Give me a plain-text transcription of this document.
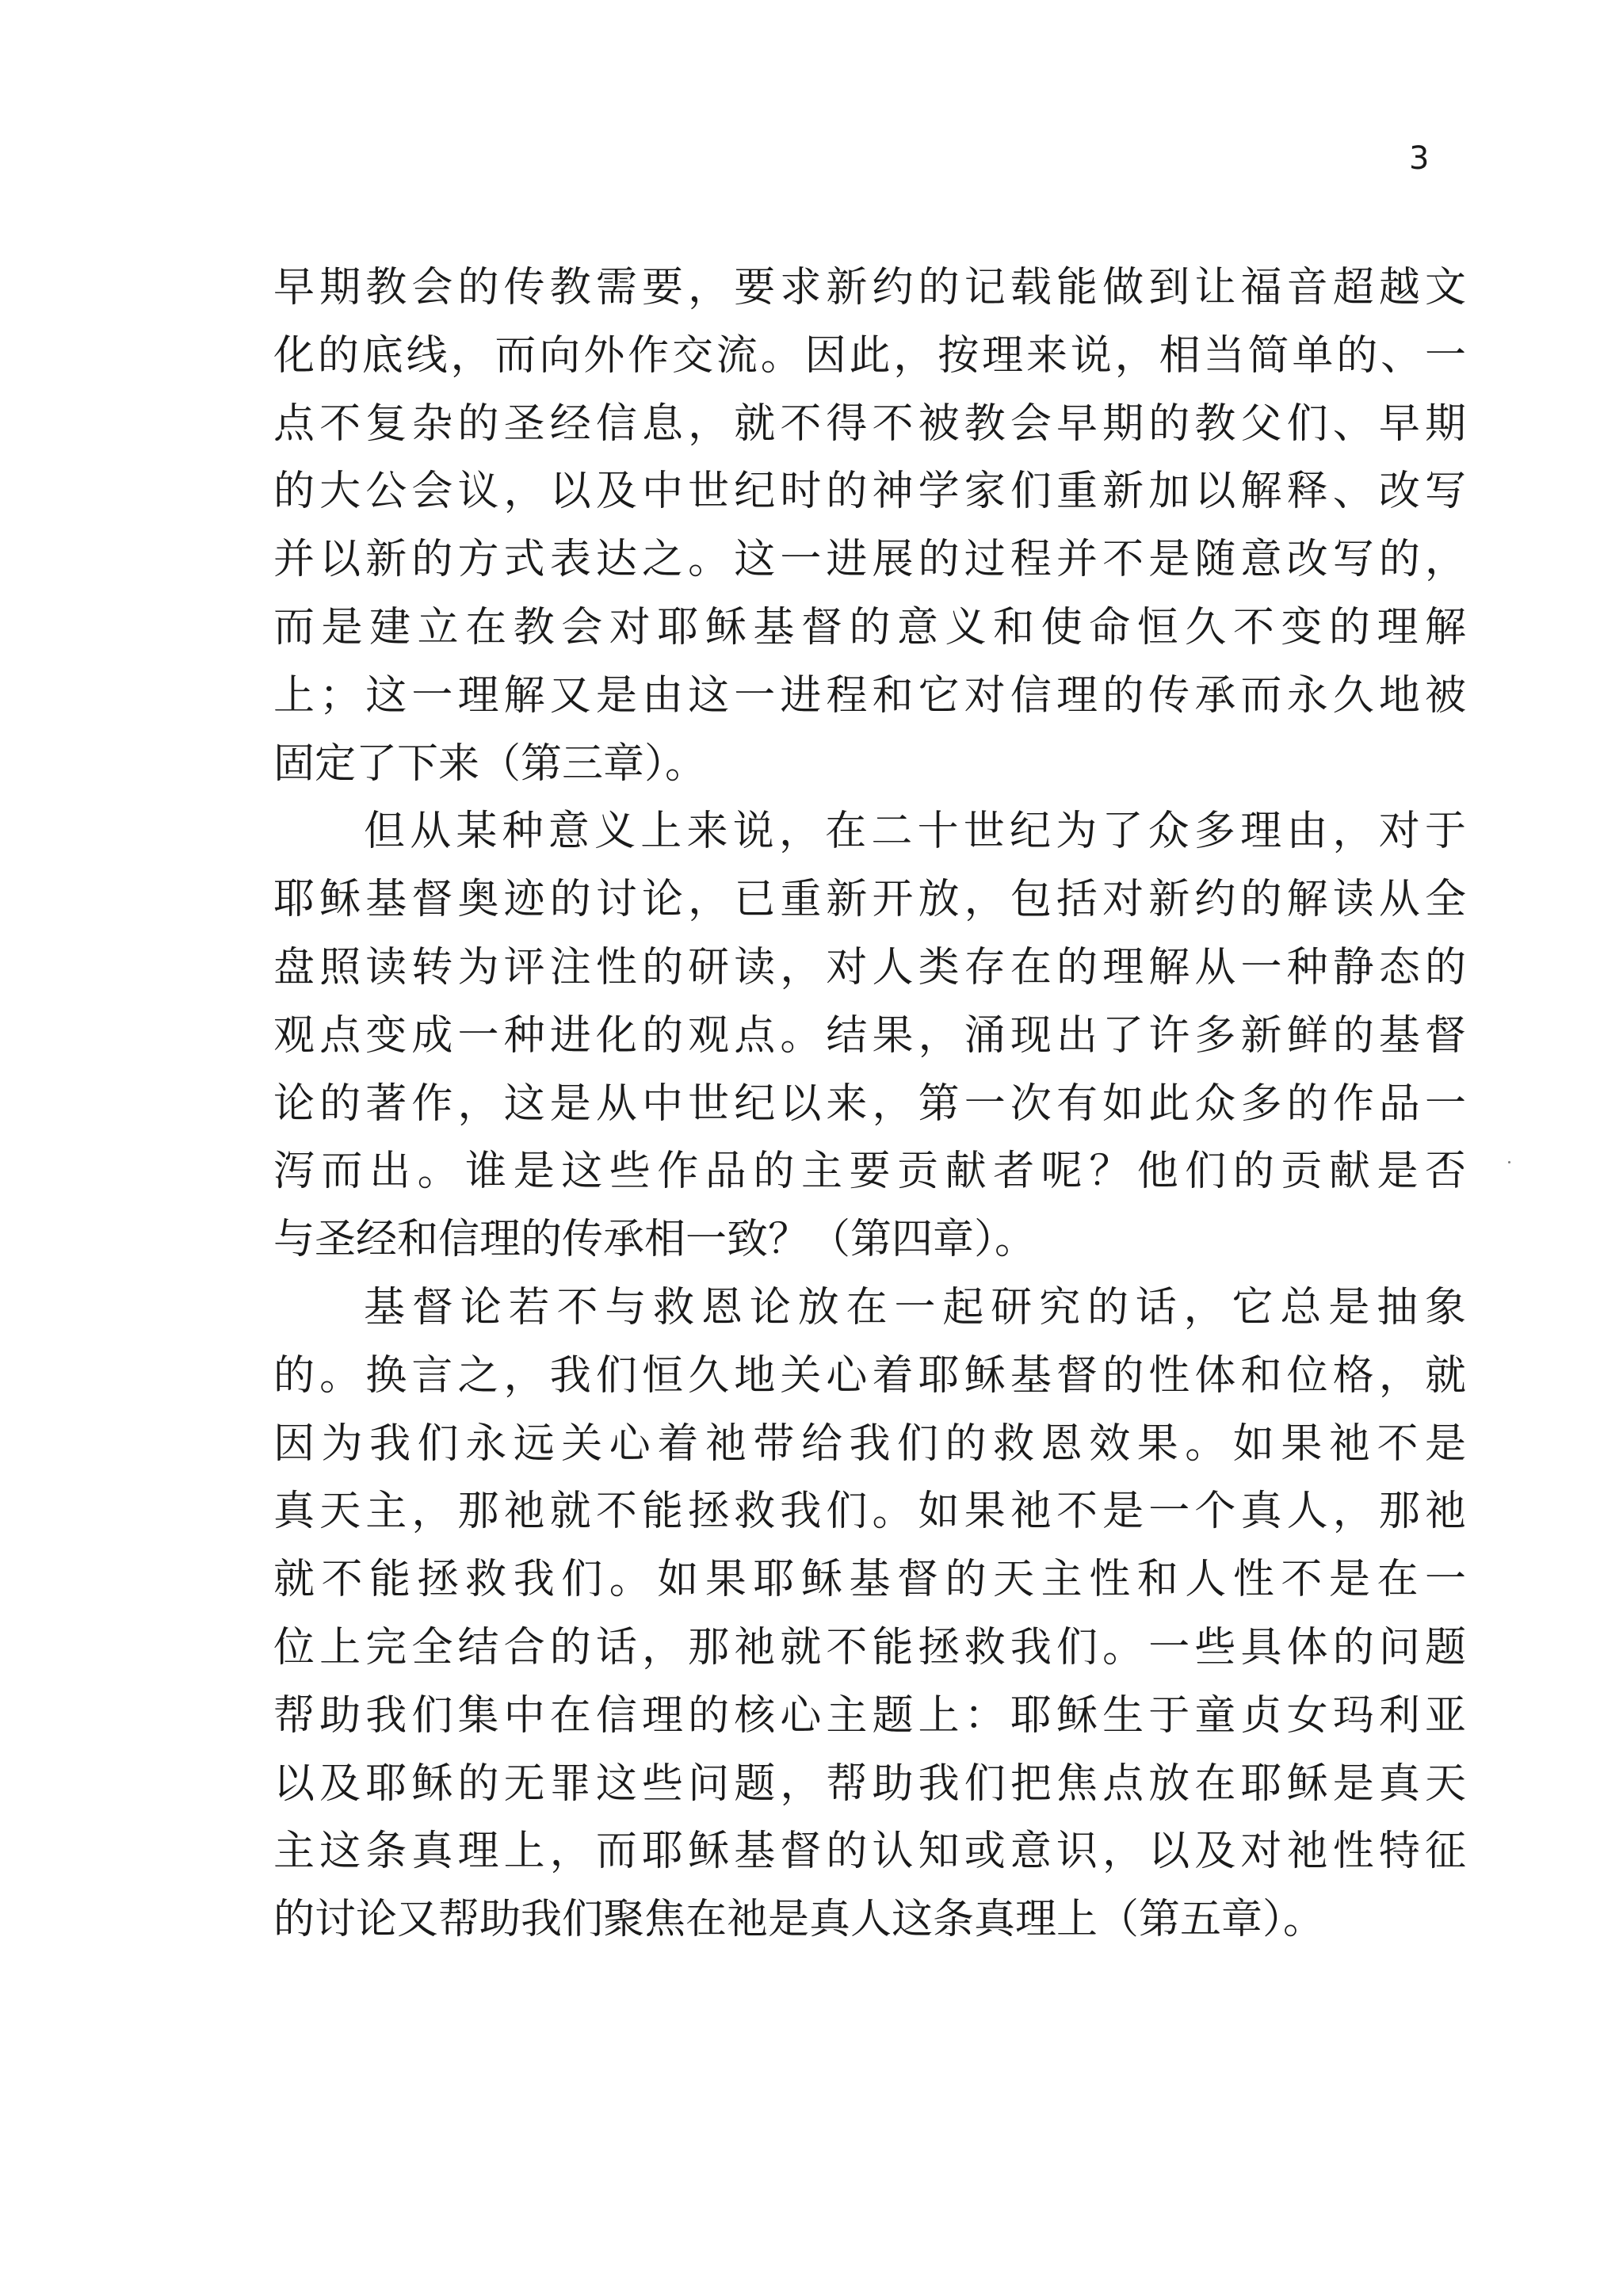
3
早期教会的传教需要，要求新约的记载能做到让福音超越文
化的底线，而向外作交流。因此，按理来说，相当简单的、一
点不复杂的圣经信息，就不得不被教会早期的教父们、早期
的大公会议，以及中世纪时的神学家们重新加以解释、改写
并以新的方式表达之。这一进展的过程并不是随意改写的，
而是建立在教会对耶稣基督的意义和使命恒久不变的理解
上；这一理解又是由这一进程和它对信理的传承而永久地被
固定了下来（第三章）。
但从某种意义上来说，在二十世纪为了众多理由，对于
耶稣基督奥迹的讨论，已重新开放，包括对新约的解读从全
盘照读转为评注性的研读，对人类存在的理解从一种静态的
观点变成一种进化的观点。结果，涌现出了许多新鲜的基督
论的著作，这是从中世纪以来，第一次有如此众多的作品一
泻而出。谁是这些作品的主要贡献者呢？他们的贡献是否
与圣经和信理的传承相一致？（第四章）。
基督论若不与救恩论放在一起研究的话，它总是抽象
的。换言之，我们恒久地关心着耶稣基督的性体和位格，就
因为我们永远关心着祂带给我们的救恩效果。如果祂不是
真天主，那祂就不能拯救我们。如果祂不是一个真人，那祂
就不能拯救我们。如果耶稣基督的天主性和人性不是在一
位上完全结合的话，那祂就不能拯救我们。一些具体的问题
帮助我们集中在信理的核心主题上：耶稣生于童贞女玛利亚
以及耶稣的无罪这些问题，帮助我们把焦点放在耶稣是真天
主这条真理上，而耶稣基督的认知或意识，以及对祂性特征
的讨论又帮助我们聚焦在祂是真人这条真理上（第五章）。
